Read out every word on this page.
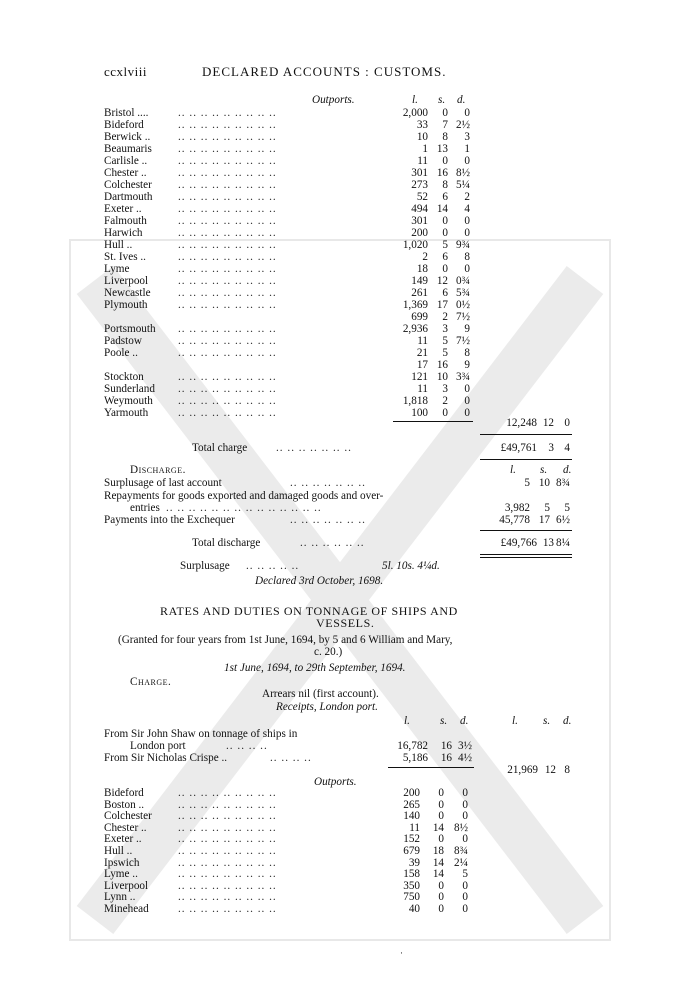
ccxlviii	DECLARED ACCOUNTS : CUSTOMS.
Outports.	l. s. d.
Bristol ....	.. .. .. .. .. .. .. .. ..	2,000	0	0
Bideford	.. .. .. .. .. .. .. .. ..	33	7 2½
Berwick .. .. .. .. .. .. .. .. .. ..	10	8	3
Beaumaris .. .. .. .. .. .. .. .. ..	1 13	1
Carlisle ..	.. .. .. .. .. .. .. .. ..	11	0	0
Chester ..	.. .. .. .. .. .. .. .. ..	301 16 8½
Colchester .. .. .. .. .. .. .. .. ..	273	8 5¼
Dartmouth .. .. .. .. .. .. .. .. ..	52	6	2
Exeter ..	.. .. .. .. .. .. .. .. ..	494 14	4
Falmouth	.. .. .. .. .. .. .. .. ..	301	0	0
Harwich	.. .. .. .. .. .. .. .. ..	200	0	0
Hull ..	.. .. .. .. .. .. .. .. ..	1,020	5 9¾
St. Ives ..	.. .. .. .. .. .. .. .. ..	2	6	8
Lyme	.. .. .. .. .. .. .. .. ..	18	0	0
Liverpool	.. .. .. .. .. .. .. .. ..	149 12 0¾
Newcastle .. .. .. .. .. .. .. .. ..	261	6 5¾
Plymouth	.. .. .. .. .. .. .. .. ..	1,369 17 0½
699	2 7½
Portsmouth .. .. .. .. .. .. .. .. ..	2,936	3	9
Padstow	.. .. .. .. .. .. .. .. ..	11	5 7½
Poole ..	.. .. .. .. .. .. .. .. ..	21	5	8
17 16	9
Stockton	.. .. .. .. .. .. .. .. ..	121 10 3¾
Sunderland .. .. .. .. .. .. .. .. ..	11	3	0
Weymouth .. .. .. .. .. .. .. .. ..	1,818	2	0
Yarmouth	.. .. .. .. .. .. .. .. ..	100	0	0
12,248 12 0
Total charge	.. .. .. .. .. .. ..	£49,761	3 4
Discharge.	l. s. d.
Surplusage of last account	.. .. .. .. .. .. ..	5 10 8¾
Repayments for goods exported and damaged goods and over-
entries .. .. .. .. .. .. .. .. .. .. .. .. .. ..	3,982	5	5
Payments into the Exchequer	.. .. .. .. .. .. ..	45,778 17 6½
Total discharge	.. .. .. .. .. ..	£49,766 13 8¼
Surplusage .. .. .. .. ..	5l. 10s. 4¼d.
Declared 3rd October, 1698.
RATES AND DUTIES ON TONNAGE OF SHIPS AND
VESSELS.
(Granted for four years from 1st June, 1694, by 5 and 6 William and Mary,
c. 20.)
1st June, 1694, to 29th September, 1694.
Charge.
Arrears nil (first account).
Receipts, London port.
l.	s. d.	l. s. d.
From Sir John Shaw on tonnage of ships in
London port	.. .. .. ..	16,782	16 3½
From Sir Nicholas Crispe ..	.. .. .. ..	5,186	16 4½
21,969 12 8
Outports.
Bideford	.. .. .. .. .. .. .. .. ..	200	0	0
Boston ..	.. .. .. .. .. .. .. .. ..	265	0	0
Colchester .. .. .. .. .. .. .. .. ..	140	0	0
Chester ..	.. .. .. .. .. .. .. .. ..	11	14 8½
Exeter ..	.. .. .. .. .. .. .. .. ..	152	0	0
Hull ..	.. .. .. .. .. .. .. .. ..	679	18 8¾
Ipswich	.. .. .. .. .. .. .. .. ..	39	14 2¼
Lyme ..	.. .. .. .. .. .. .. .. ..	158	14	5
Liverpool	.. .. .. .. .. .. .. .. ..	350	0	0
Lynn ..	.. .. .. .. .. .. .. .. ..	750	0	0
Minehead	.. .. .. .. .. .. .. .. ..	40	0	0
·
